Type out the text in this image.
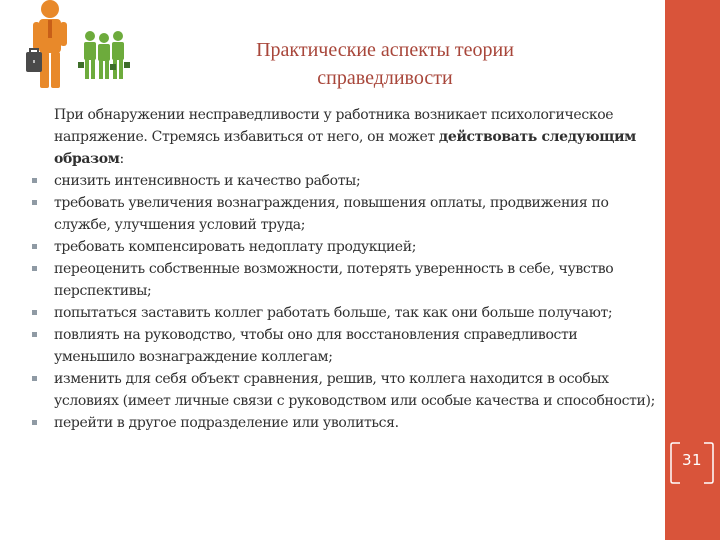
Практические аспекты теории
справедливости

При обнаружении несправедливости у работника возникает психологическое напряжение. Стремясь избавиться от него, он может действовать следующим образом:

снизить интенсивность и качество работы;
требовать увеличения вознаграждения, повышения оплаты, продвижения по службе, улучшения условий труда;
требовать компенсировать недоплату продукцией;
переоценить собственные возможности, потерять уверенность в себе, чувство перспективы;
попытаться заставить коллег работать больше, так как они больше получают;
повлиять на руководство, чтобы оно для восстановления справедливости уменьшило вознаграждение коллегам;
изменить для себя объект сравнения, решив, что коллега находится в особых условиях (имеет личные связи с руководством или особые качества и способности);
перейти в другое подразделение или уволиться.
31
